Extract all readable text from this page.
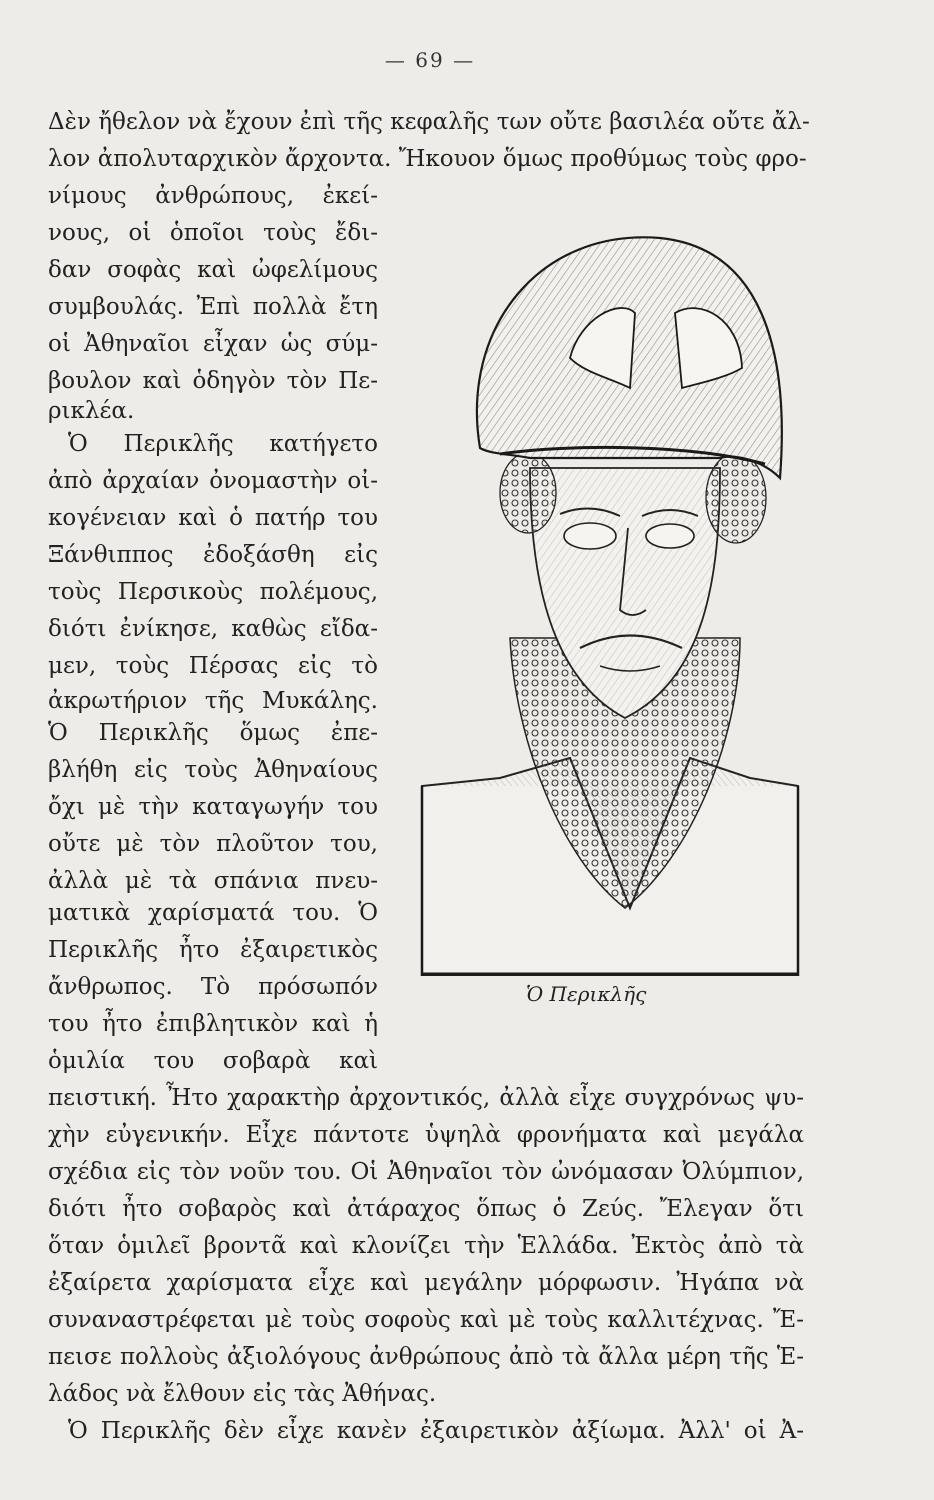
— 69 —
Δὲν ἤθελον νὰ ἔχουν ἐπὶ τῆς κεφαλῆς των οὔτε βασιλέα οὔτε ἄλ-
λον ἀπολυταρχικὸν ἄρχοντα. Ἤκουον ὅμως προθύμως τοὺς φρο-
νίμους ἀνθρώπους, ἐκεί-
νους, οἱ ὁποῖοι τοὺς ἔδι-
δαν σοφὰς καὶ ὠφελίμους
συμβουλάς. Ἐπὶ πολλὰ ἔτη
οἱ Ἀθηναῖοι εἶχαν ὡς σύμ-
βουλον καὶ ὁδηγὸν τὸν Πε-
ρικλέα.
Ὁ Περικλῆς κατήγετο
ἀπὸ ἀρχαίαν ὀνομαστὴν οἰ-
κογένειαν καὶ ὁ πατήρ του
Ξάνθιππος ἐδοξάσθη εἰς
τοὺς Περσικοὺς πολέμους,
διότι ἐνίκησε, καθὼς εἴδα-
μεν, τοὺς Πέρσας εἰς τὸ
ἀκρωτήριον τῆς Μυκάλης.
Ὁ Περικλῆς ὅμως ἐπε-
βλήθη εἰς τοὺς Ἀθηναίους
ὄχι μὲ τὴν καταγωγήν του
οὔτε μὲ τὸν πλοῦτον του,
ἀλλὰ μὲ τὰ σπάνια πνευ-
ματικὰ χαρίσματά του. Ὁ
Περικλῆς ἦτο ἐξαιρετικὸς
ἄνθρωπος. Τὸ πρόσωπόν
του ἦτο ἐπιβλητικὸν καὶ ἡ
ὁμιλία του σοβαρὰ καὶ
πειστική. Ἦτο χαρακτὴρ ἀρχοντικός, ἀλλὰ εἶχε συγχρόνως ψυ-
χὴν εὐγενικήν. Εἶχε πάντοτε ὑψηλὰ φρονήματα καὶ μεγάλα
σχέδια εἰς τὸν νοῦν του. Οἱ Ἀθηναῖοι τὸν ὠνόμασαν Ὀλύμπιον,
διότι ἦτο σοβαρὸς καὶ ἀτάραχος ὅπως ὁ Ζεύς. Ἔλεγαν ὅτι
ὅταν ὁμιλεῖ βροντᾶ καὶ κλονίζει τὴν Ἑλλάδα. Ἐκτὸς ἀπὸ τὰ
ἐξαίρετα χαρίσματα εἶχε καὶ μεγάλην μόρφωσιν. Ἠγάπα νὰ
συναναστρέφεται μὲ τοὺς σοφοὺς καὶ μὲ τοὺς καλλιτέχνας. Ἔ-
πεισε πολλοὺς ἀξιολόγους ἀνθρώπους ἀπὸ τὰ ἄλλα μέρη τῆς Ἑ-
λάδος νὰ ἔλθουν εἰς τὰς Ἀθήνας.
Ὁ Περικλῆς δὲν εἶχε κανὲν ἐξαιρετικὸν ἀξίωμα. Ἀλλ' οἱ Ἀ-
Ὁ Περικλῆς
